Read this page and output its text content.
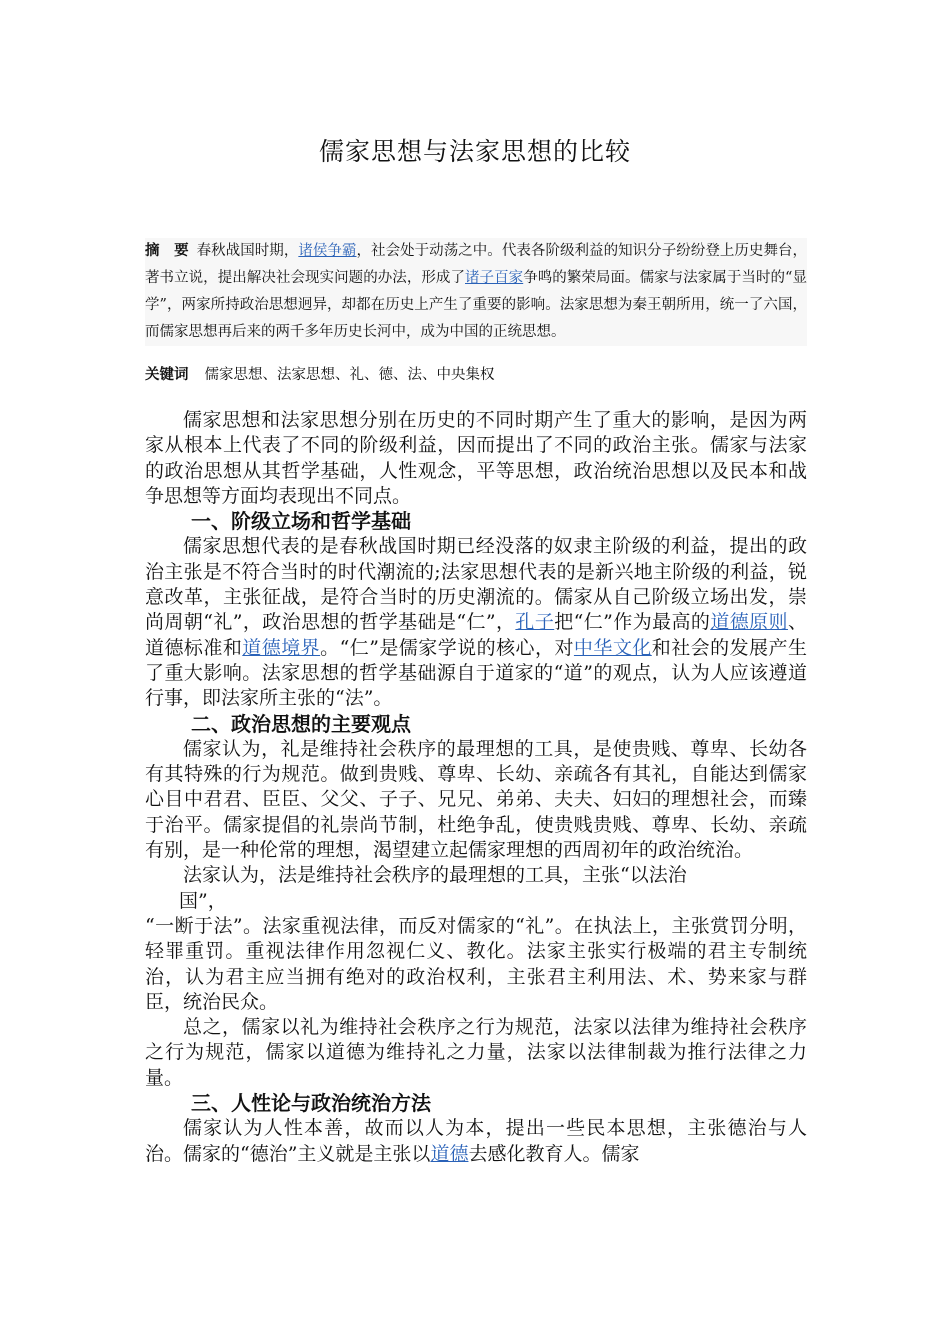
儒家思想与法家思想的比较
摘　要 春秋战国时期，诸侯争霸，社会处于动荡之中。代表各阶级利益的知识分子纷纷登上历史舞台，著书立说，提出解决社会现实问题的办法，形成了诸子百家争鸣的繁荣局面。儒家与法家属于当时的“显学”，两家所持政治思想迥异，却都在历史上产生了重要的影响。法家思想为秦王朝所用，统一了六国，而儒家思想再后来的两千多年历史长河中，成为中国的正统思想。
关键词 儒家思想、法家思想、礼、德、法、中央集权

儒家思想和法家思想分别在历史的不同时期产生了重大的影响，是因为两家从根本上代表了不同的阶级利益，因而提出了不同的政治主张。儒家与法家的政治思想从其哲学基础，人性观念，平等思想，政治统治思想以及民本和战争思想等方面均表现出不同点。

一、阶级立场和哲学基础

儒家思想代表的是春秋战国时期已经没落的奴隶主阶级的利益，提出的政治主张是不符合当时的时代潮流的;法家思想代表的是新兴地主阶级的利益，锐意改革，主张征战，是符合当时的历史潮流的。儒家从自己阶级立场出发，崇尚周朝“礼”，政治思想的哲学基础是“仁”，孔子把“仁”作为最高的道德原则、道德标准和道德境界。“仁”是儒家学说的核心，对中华文化和社会的发展产生了重大影响。法家思想的哲学基础源自于道家的“道”的观点，认为人应该遵道行事，即法家所主张的“法”。

二、政治思想的主要观点

儒家认为，礼是维持社会秩序的最理想的工具，是使贵贱、尊卑、长幼各有其特殊的行为规范。做到贵贱、尊卑、长幼、亲疏各有其礼，自能达到儒家心目中君君、臣臣、父父、子子、兄兄、弟弟、夫夫、妇妇的理想社会，而臻于治平。儒家提倡的礼崇尚节制，杜绝争乱，使贵贱贵贱、尊卑、长幼、亲疏有别，是一种伦常的理想，渴望建立起儒家理想的西周初年的政治统治。

法家认为，法是维持社会秩序的最理想的工具，主张“以法治

国”，

“一断于法”。法家重视法律，而反对儒家的“礼”。在执法上，主张赏罚分明，轻罪重罚。重视法律作用忽视仁义、教化。法家主张实行极端的君主专制统治，认为君主应当拥有绝对的政治权利，主张君主利用法、术、势来家与群臣，统治民众。

总之，儒家以礼为维持社会秩序之行为规范，法家以法律为维持社会秩序之行为规范，儒家以道德为维持礼之力量，法家以法律制裁为推行法律之力量。

三、人性论与政治统治方法

儒家认为人性本善，故而以人为本，提出一些民本思想，主张德治与人治。儒家的“德治”主义就是主张以道德去感化教育人。儒家
